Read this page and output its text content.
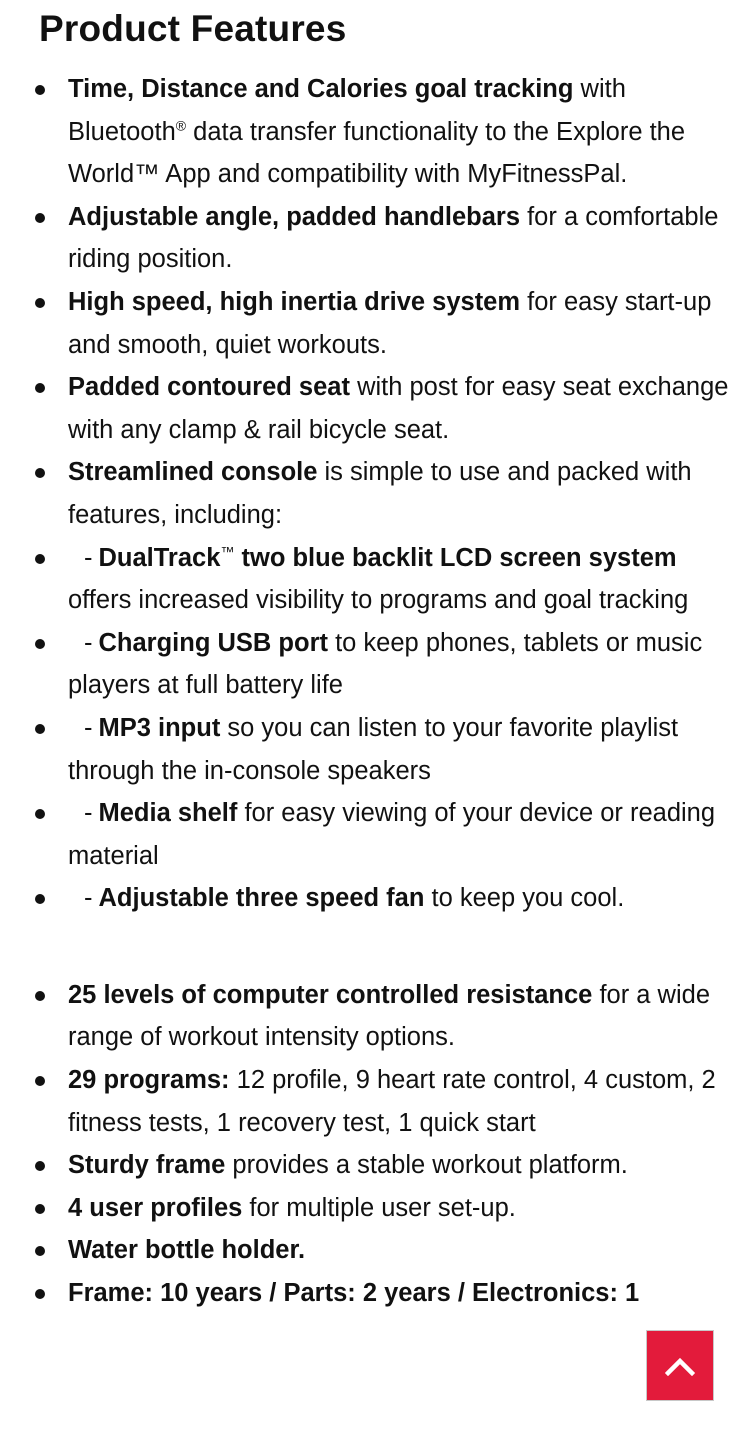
Product Features
Time, Distance and Calories goal tracking with Bluetooth® data transfer functionality to the Explore the World™ App and compatibility with MyFitnessPal.
Adjustable angle, padded handlebars for a comfortable riding position.
High speed, high inertia drive system for easy start-up and smooth, quiet workouts.
Padded contoured seat with post for easy seat exchange with any clamp & rail bicycle seat.
Streamlined console is simple to use and packed with features, including:
- DualTrack™ two blue backlit LCD screen system offers increased visibility to programs and goal tracking
- Charging USB port to keep phones, tablets or music players at full battery life
- MP3 input so you can listen to your favorite playlist through the in-console speakers
- Media shelf for easy viewing of your device or reading material
- Adjustable three speed fan to keep you cool.
25 levels of computer controlled resistance for a wide range of workout intensity options.
29 programs: 12 profile, 9 heart rate control, 4 custom, 2 fitness tests, 1 recovery test, 1 quick start
Sturdy frame provides a stable workout platform.
4 user profiles for multiple user set-up.
Water bottle holder.
Frame: 10 years / Parts: 2 years / Electronics: 1
